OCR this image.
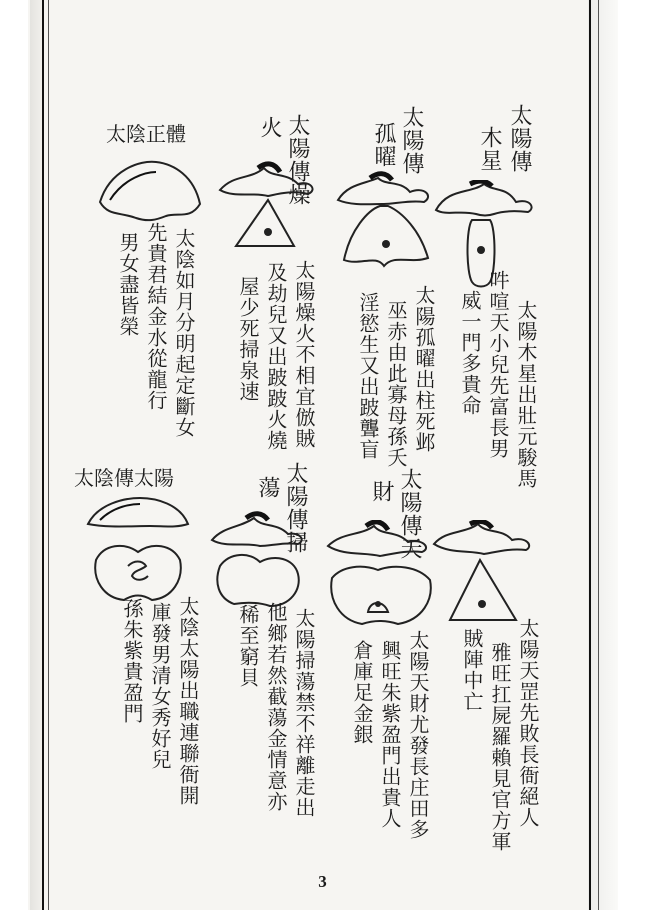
太陽傳
木星
太陽木星出壯元駿馬
吽喧天小兒先富長男
威一門多貴命
太陽傳
孤曜
太陽孤曜出柱死邺
巫赤由此寡母孫夭
淫慾生又出跛聾盲
太陽傳燥
火
太陽燥火不相宜倣賊
及劫兒又出跛跛火燒
屋少死掃泉速
太陰正體
太陰如月分明起定斷女
先貴君結金水從龍行
男女盡皆榮
太陽天罡先敗長衙絕人
雅旺扛屍羅賴見官方軍
賊陣中亡
太陽傳天
財
太陽天財尤發長庄田多
興旺朱紫盈門出貴人
倉庫足金銀
太陽傳掃
蕩
太陽掃蕩禁不祥離走出
他鄉若然截蕩金情意亦
稀至窮貝
太陰傳太陽
太陰太陽出職連聯衙開
庫發男清女秀好兒
孫朱紫貴盈門
3
